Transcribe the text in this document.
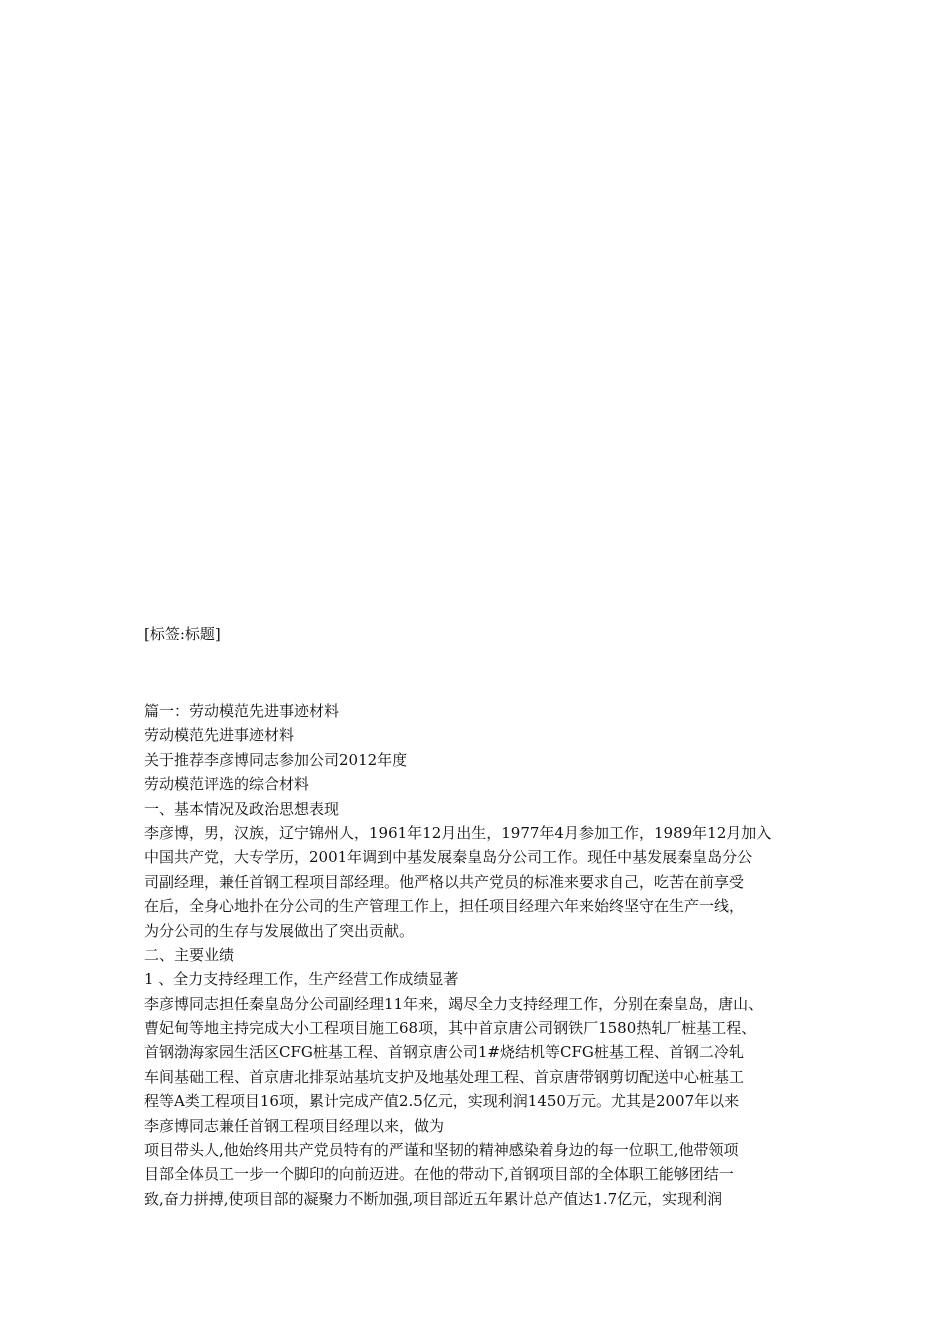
[标签:标题]
篇一：劳动模范先进事迹材料
劳动模范先进事迹材料
关于推荐李彦博同志参加公司2012年度
劳动模范评选的综合材料
一、基本情况及政治思想表现
李彦博，男，汉族，辽宁锦州人，1961年12月出生，1977年4月参加工作，1989年12月加入
中国共产党，大专学历，2001年调到中基发展秦皇岛分公司工作。现任中基发展秦皇岛分公
司副经理，兼任首钢工程项目部经理。他严格以共产党员的标准来要求自己，吃苦在前享受
在后，全身心地扑在分公司的生产管理工作上，担任项目经理六年来始终坚守在生产一线，
为分公司的生存与发展做出了突出贡献。
二、主要业绩
1 、全力支持经理工作，生产经营工作成绩显著
李彦博同志担任秦皇岛分公司副经理11年来，竭尽全力支持经理工作，分别在秦皇岛，唐山、
曹妃甸等地主持完成大小工程项目施工68项，其中首京唐公司钢铁厂1580热轧厂桩基工程、
首钢渤海家园生活区CFG桩基工程、首钢京唐公司1#烧结机等CFG桩基工程、首钢二冷轧
车间基础工程、首京唐北排泵站基坑支护及地基处理工程、首京唐带钢剪切配送中心桩基工
程等A类工程项目16项，累计完成产值2.5亿元，实现利润1450万元。尤其是2007年以来
李彦博同志兼任首钢工程项目经理以来，做为
项目带头人,他始终用共产党员特有的严谨和坚韧的精神感染着身边的每一位职工,他带领项
目部全体员工一步一个脚印的向前迈进。在他的带动下,首钢项目部的全体职工能够团结一
致,奋力拼搏,使项目部的凝聚力不断加强,项目部近五年累计总产值达1.7亿元，实现利润
